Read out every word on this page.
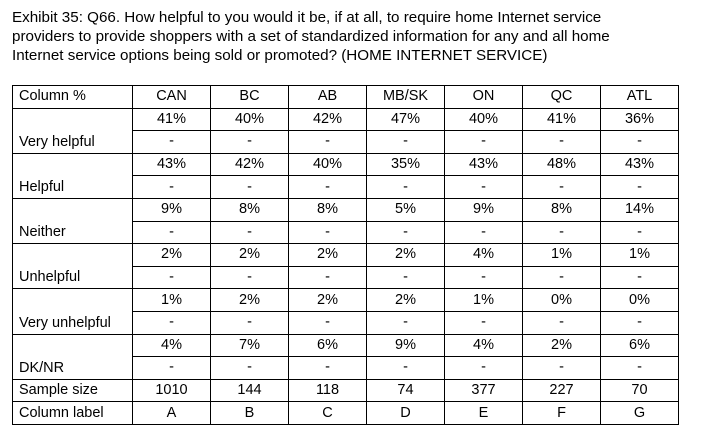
Exhibit 35: Q66. How helpful to you would it be, if at all, to require home Internet service
providers to provide shoppers with a set of standardized information for any and all home
Internet service options being sold or promoted? (HOME INTERNET SERVICE)
Column %	CAN	BC	AB	MB/SK	ON	QC	ATL
Very helpful	41%	40%	42%	47%	40%	41%	36%
	-	-	-	-	-	-	-
Helpful	43%	42%	40%	35%	43%	48%	43%
	-	-	-	-	-	-	-
Neither	9%	8%	8%	5%	9%	8%	14%
	-	-	-	-	-	-	-
Unhelpful	2%	2%	2%	2%	4%	1%	1%
	-	-	-	-	-	-	-
Very unhelpful	1%	2%	2%	2%	1%	0%	0%
	-	-	-	-	-	-	-
DK/NR	4%	7%	6%	9%	4%	2%	6%
	-	-	-	-	-	-	-
Sample size	1010	144	118	74	377	227	70
Column label	A	B	C	D	E	F	G
